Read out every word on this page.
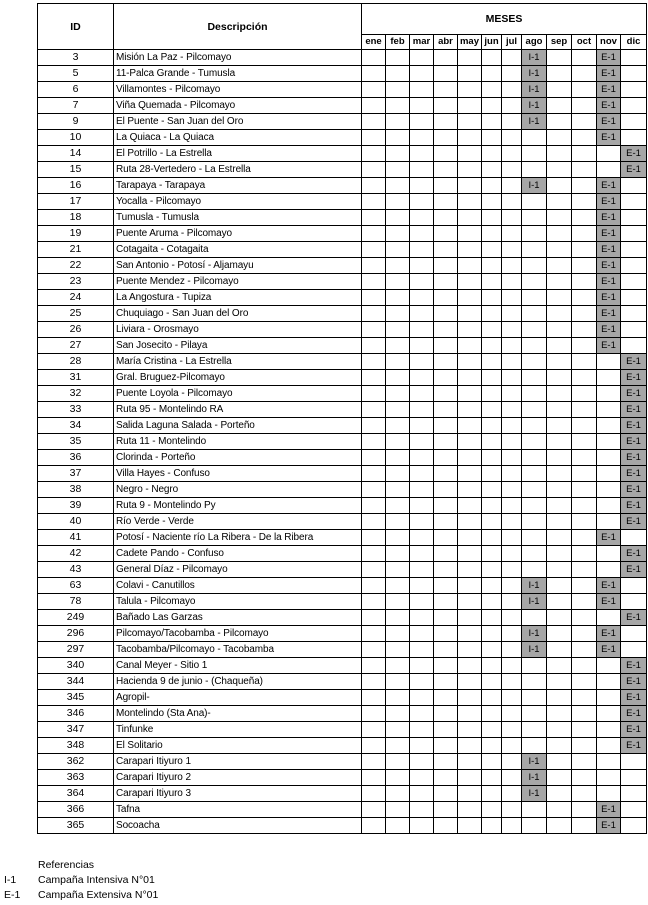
ID	Descripción	MESES											
		ene	feb	mar	abr	may	jun	jul	ago	sep	oct	nov	dic
3	Misión La Paz - Pilcomayo								I-1			E-1	
5	11-Palca Grande - Tumusla								I-1			E-1	
6	Villamontes - Pilcomayo								I-1			E-1	
7	Viña Quemada - Pilcomayo								I-1			E-1	
9	El Puente - San Juan del Oro								I-1			E-1	
10	La Quiaca - La Quiaca											E-1	
14	El Potrillo - La Estrella												E-1
15	Ruta 28-Vertedero - La Estrella												E-1
16	Tarapaya - Tarapaya								I-1			E-1	
17	Yocalla - Pilcomayo											E-1	
18	Tumusla - Tumusla											E-1	
19	Puente Aruma - Pilcomayo											E-1	
21	Cotagaita - Cotagaita											E-1	
22	San Antonio - Potosí - Aljamayu											E-1	
23	Puente Mendez - Pilcomayo											E-1	
24	La Angostura - Tupiza											E-1	
25	Chuquiago - San Juan del Oro											E-1	
26	Liviara - Orosmayo											E-1	
27	San Josecito - Pilaya											E-1	
28	María Cristina - La Estrella												E-1
31	Gral. Bruguez-Pilcomayo												E-1
32	Puente Loyola - Pilcomayo												E-1
33	Ruta 95 - Montelindo RA												E-1
34	Salida Laguna Salada - Porteño												E-1
35	Ruta 11 - Montelindo												E-1
36	Clorinda - Porteño												E-1
37	Villa Hayes - Confuso												E-1
38	Negro - Negro												E-1
39	Ruta 9 - Montelindo Py												E-1
40	Río Verde - Verde												E-1
41	Potosí - Naciente río La Ribera - De la Ribera											E-1	
42	Cadete Pando - Confuso												E-1
43	General Díaz - Pilcomayo												E-1
63	Colavi - Canutillos								I-1			E-1	
78	Talula - Pilcomayo								I-1			E-1	
249	Bañado Las Garzas												E-1
296	Pilcomayo/Tacobamba - Pilcomayo								I-1			E-1	
297	Tacobamba/Pilcomayo - Tacobamba								I-1			E-1	
340	Canal Meyer - Sitio 1												E-1
344	Hacienda 9 de junio - (Chaqueña)												E-1
345	Agropil-												E-1
346	Montelindo (Sta Ana)-												E-1
347	Tinfunke												E-1
348	El Solitario												E-1
362	Carapari Itiyuro 1								I-1				
363	Carapari Itiyuro 2								I-1				
364	Carapari Itiyuro 3								I-1				
366	Tafna											E-1	
365	Socoacha											E-1	
Referencias
I-1 Campaña Intensiva N°01
E-1 Campaña Extensiva N°01
